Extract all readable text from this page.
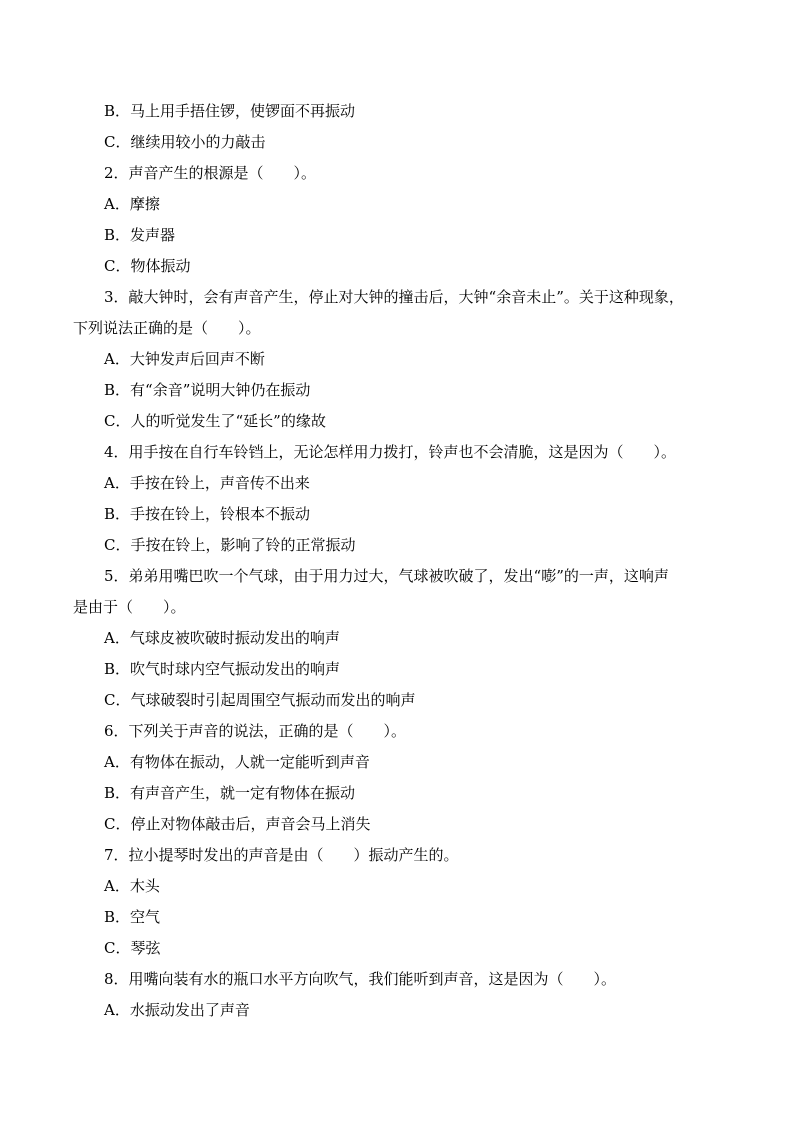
B．马上用手捂住锣，使锣面不再振动
C．继续用较小的力敲击
2．声音产生的根源是（　　）。
A．摩擦
B．发声器
C．物体振动
3．敲大钟时，会有声音产生，停止对大钟的撞击后，大钟“余音未止”。关于这种现象，
下列说法正确的是（　　）。
A．大钟发声后回声不断
B．有“余音”说明大钟仍在振动
C．人的听觉发生了“延长”的缘故
4．用手按在自行车铃铛上，无论怎样用力拨打，铃声也不会清脆，这是因为（　　）。
A．手按在铃上，声音传不出来
B．手按在铃上，铃根本不振动
C．手按在铃上，影响了铃的正常振动
5．弟弟用嘴巴吹一个气球，由于用力过大，气球被吹破了，发出“嘭”的一声，这响声
是由于（　　）。
A．气球皮被吹破时振动发出的响声
B．吹气时球内空气振动发出的响声
C．气球破裂时引起周围空气振动而发出的响声
6．下列关于声音的说法，正确的是（　　）。
A．有物体在振动，人就一定能听到声音
B．有声音产生，就一定有物体在振动
C．停止对物体敲击后，声音会马上消失
7．拉小提琴时发出的声音是由（　　）振动产生的。
A．木头
B．空气
C．琴弦
8．用嘴向装有水的瓶口水平方向吹气，我们能听到声音，这是因为（　　）。
A．水振动发出了声音
